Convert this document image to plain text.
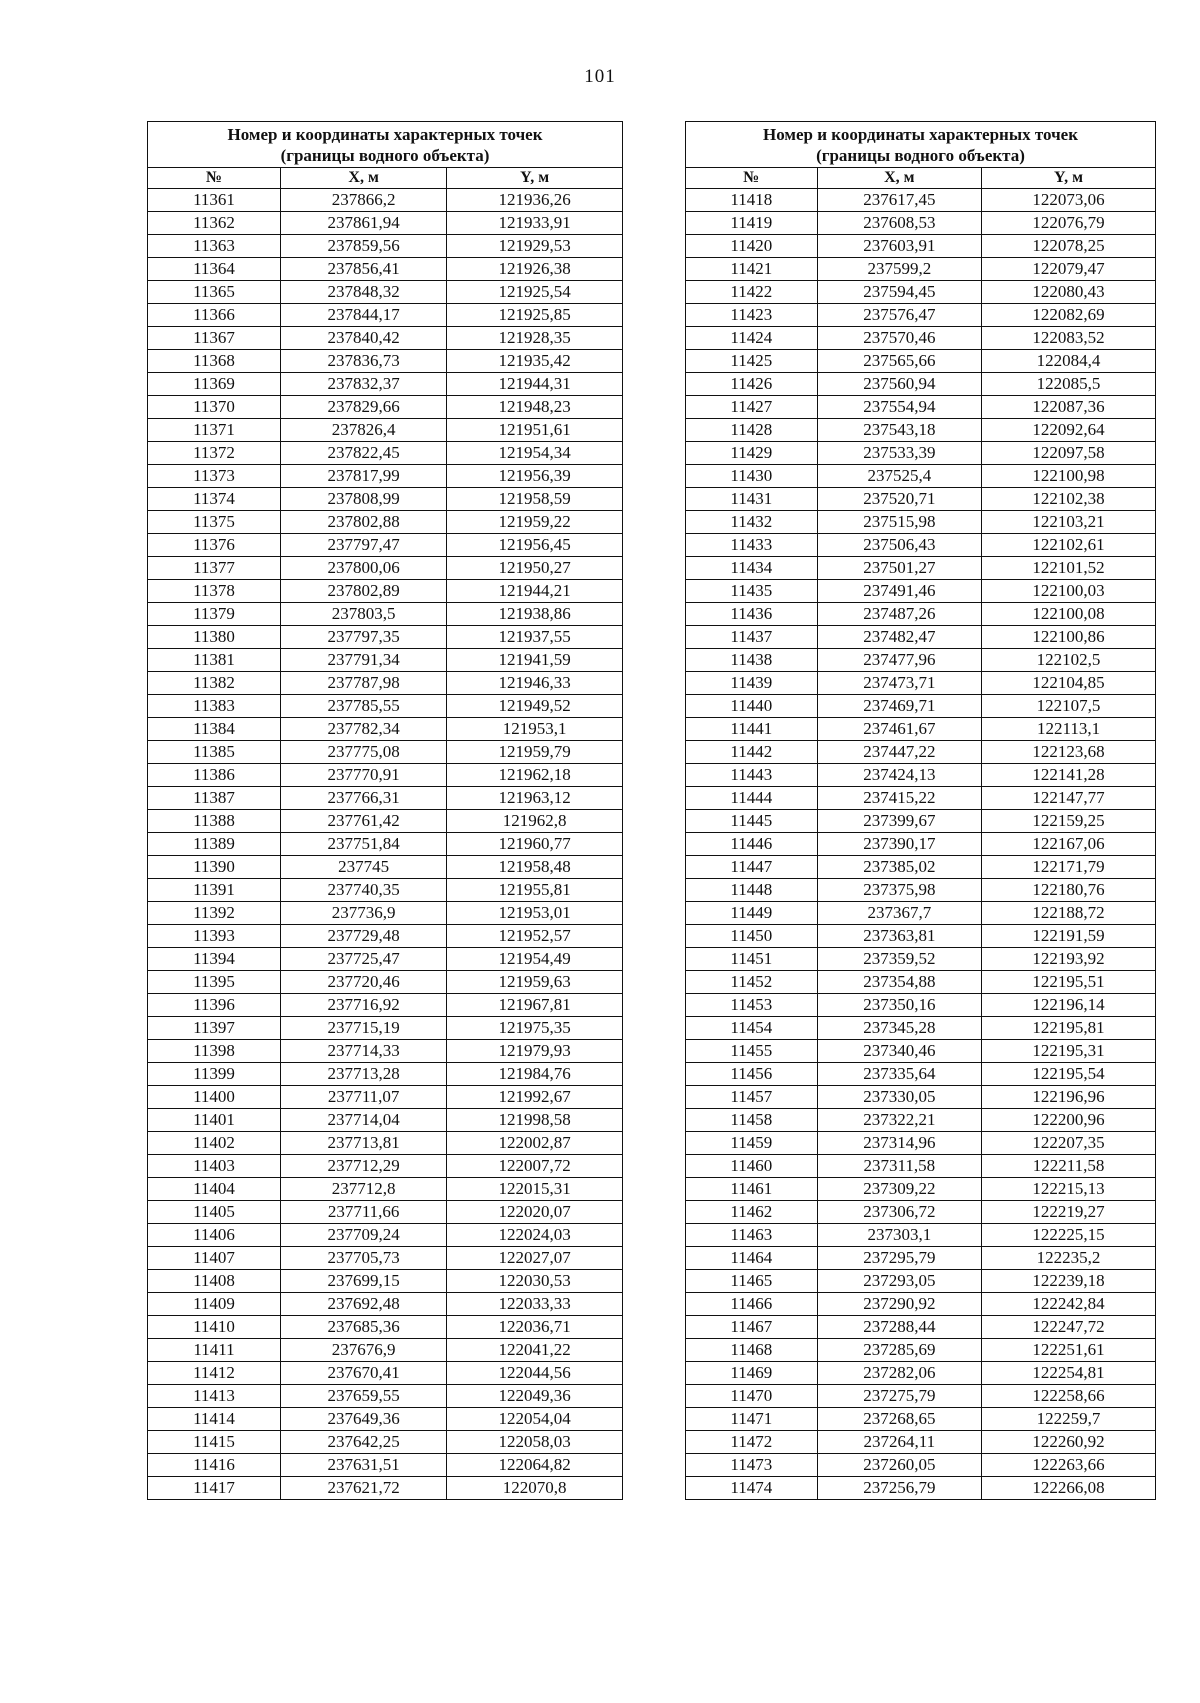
101
Номер и координаты характерных точек
(границы водного объекта)		

№	X, м	Y, м
11361	237866,2	121936,26
11362	237861,94	121933,91
11363	237859,56	121929,53
11364	237856,41	121926,38
11365	237848,32	121925,54
11366	237844,17	121925,85
11367	237840,42	121928,35
11368	237836,73	121935,42
11369	237832,37	121944,31
11370	237829,66	121948,23
11371	237826,4	121951,61
11372	237822,45	121954,34
11373	237817,99	121956,39
11374	237808,99	121958,59
11375	237802,88	121959,22
11376	237797,47	121956,45
11377	237800,06	121950,27
11378	237802,89	121944,21
11379	237803,5	121938,86
11380	237797,35	121937,55
11381	237791,34	121941,59
11382	237787,98	121946,33
11383	237785,55	121949,52
11384	237782,34	121953,1
11385	237775,08	121959,79
11386	237770,91	121962,18
11387	237766,31	121963,12
11388	237761,42	121962,8
11389	237751,84	121960,77
11390	237745	121958,48
11391	237740,35	121955,81
11392	237736,9	121953,01
11393	237729,48	121952,57
11394	237725,47	121954,49
11395	237720,46	121959,63
11396	237716,92	121967,81
11397	237715,19	121975,35
11398	237714,33	121979,93
11399	237713,28	121984,76
11400	237711,07	121992,67
11401	237714,04	121998,58
11402	237713,81	122002,87
11403	237712,29	122007,72
11404	237712,8	122015,31
11405	237711,66	122020,07
11406	237709,24	122024,03
11407	237705,73	122027,07
11408	237699,15	122030,53
11409	237692,48	122033,33
11410	237685,36	122036,71
11411	237676,9	122041,22
11412	237670,41	122044,56
11413	237659,55	122049,36
11414	237649,36	122054,04
11415	237642,25	122058,03
11416	237631,51	122064,82
11417	237621,72	122070,8
Номер и координаты характерных точек
(границы водного объекта)		

№	X, м	Y, м
11418	237617,45	122073,06
11419	237608,53	122076,79
11420	237603,91	122078,25
11421	237599,2	122079,47
11422	237594,45	122080,43
11423	237576,47	122082,69
11424	237570,46	122083,52
11425	237565,66	122084,4
11426	237560,94	122085,5
11427	237554,94	122087,36
11428	237543,18	122092,64
11429	237533,39	122097,58
11430	237525,4	122100,98
11431	237520,71	122102,38
11432	237515,98	122103,21
11433	237506,43	122102,61
11434	237501,27	122101,52
11435	237491,46	122100,03
11436	237487,26	122100,08
11437	237482,47	122100,86
11438	237477,96	122102,5
11439	237473,71	122104,85
11440	237469,71	122107,5
11441	237461,67	122113,1
11442	237447,22	122123,68
11443	237424,13	122141,28
11444	237415,22	122147,77
11445	237399,67	122159,25
11446	237390,17	122167,06
11447	237385,02	122171,79
11448	237375,98	122180,76
11449	237367,7	122188,72
11450	237363,81	122191,59
11451	237359,52	122193,92
11452	237354,88	122195,51
11453	237350,16	122196,14
11454	237345,28	122195,81
11455	237340,46	122195,31
11456	237335,64	122195,54
11457	237330,05	122196,96
11458	237322,21	122200,96
11459	237314,96	122207,35
11460	237311,58	122211,58
11461	237309,22	122215,13
11462	237306,72	122219,27
11463	237303,1	122225,15
11464	237295,79	122235,2
11465	237293,05	122239,18
11466	237290,92	122242,84
11467	237288,44	122247,72
11468	237285,69	122251,61
11469	237282,06	122254,81
11470	237275,79	122258,66
11471	237268,65	122259,7
11472	237264,11	122260,92
11473	237260,05	122263,66
11474	237256,79	122266,08
